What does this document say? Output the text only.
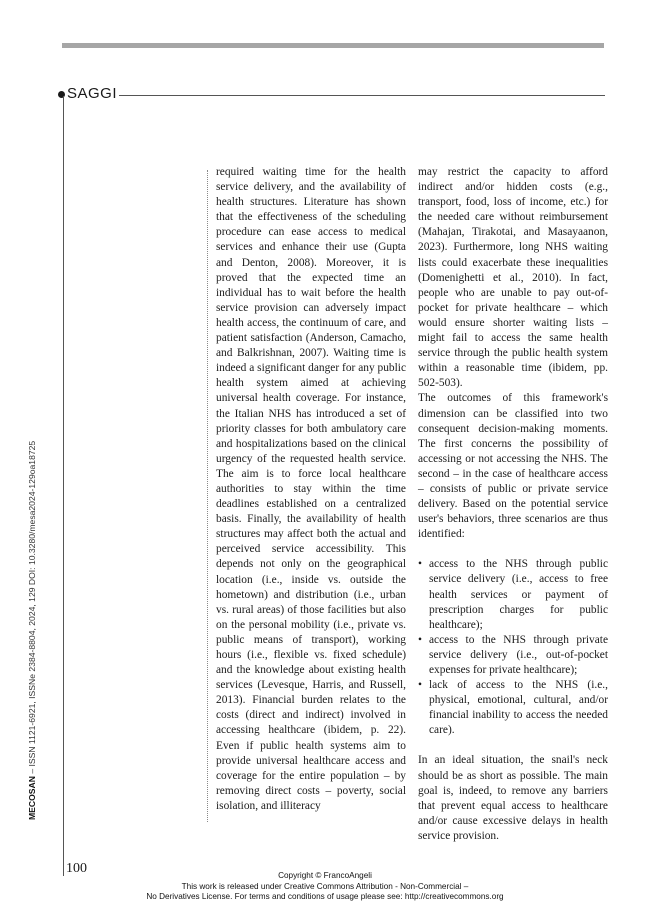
SAGGI
MECOSAN – ISSN 1121-6921, ISSNe 2384-8804, 2024, 129 DOI: 10.3280/mesa2024-129oa18725

required waiting time for the health service delivery, and the availability of health structures. Literature has shown that the effectiveness of the scheduling procedure can ease access to medical services and enhance their use (Gupta and Denton, 2008). Moreover, it is proved that the expected time an individual has to wait before the health service provision can adversely impact health access, the continuum of care, and patient satisfaction (Anderson, Camacho, and Balkrishnan, 2007). Waiting time is indeed a significant danger for any public health system aimed at achieving universal health coverage. For instance, the Italian NHS has introduced a set of priority classes for both ambulatory care and hospitalizations based on the clinical urgency of the requested health service. The aim is to force local healthcare authorities to stay within the time deadlines established on a centralized basis. Finally, the availability of health structures may affect both the actual and perceived service accessibility. This depends not only on the geographical location (i.e., inside vs. outside the hometown) and distribution (i.e., urban vs. rural areas) of those facilities but also on the personal mobility (i.e., private vs. public means of transport), working hours (i.e., flexible vs. fixed schedule) and the knowledge about existing health services (Levesque, Harris, and Russell, 2013). Financial burden relates to the costs (direct and indirect) involved in accessing healthcare (ibidem, p. 22). Even if public health systems aim to provide universal healthcare access and coverage for the entire population – by removing direct costs – poverty, social isolation, and illiteracy

may restrict the capacity to afford indirect and/or hidden costs (e.g., transport, food, loss of income, etc.) for the needed care without reimbursement (Mahajan, Tirakotai, and Masayaanon, 2023). Furthermore, long NHS waiting lists could exacerbate these inequalities (Domenighetti et al., 2010). In fact, people who are unable to pay out-of-pocket for private healthcare – which would ensure shorter waiting lists – might fail to access the same health service through the public health system within a reasonable time (ibidem, pp. 502-503).

The outcomes of this framework's dimension can be classified into two consequent decision-making moments. The first concerns the possibility of accessing or not accessing the NHS. The second – in the case of healthcare access – consists of public or private service delivery. Based on the potential service user's behaviors, three scenarios are thus identified:

• access to the NHS through public service delivery (i.e., access to free health services or payment of prescription charges for public healthcare);
• access to the NHS through private service delivery (i.e., out-of-pocket expenses for private healthcare);
• lack of access to the NHS (i.e., physical, emotional, cultural, and/or financial inability to access the needed care).

In an ideal situation, the snail's neck should be as short as possible. The main goal is, indeed, to remove any barriers that prevent equal access to healthcare and/or cause excessive delays in health service provision.

100	Copyright © FrancoAngeli
This work is released under Creative Commons Attribution - Non-Commercial –
No Derivatives License. For terms and conditions of usage please see: http://creativecommons.org
